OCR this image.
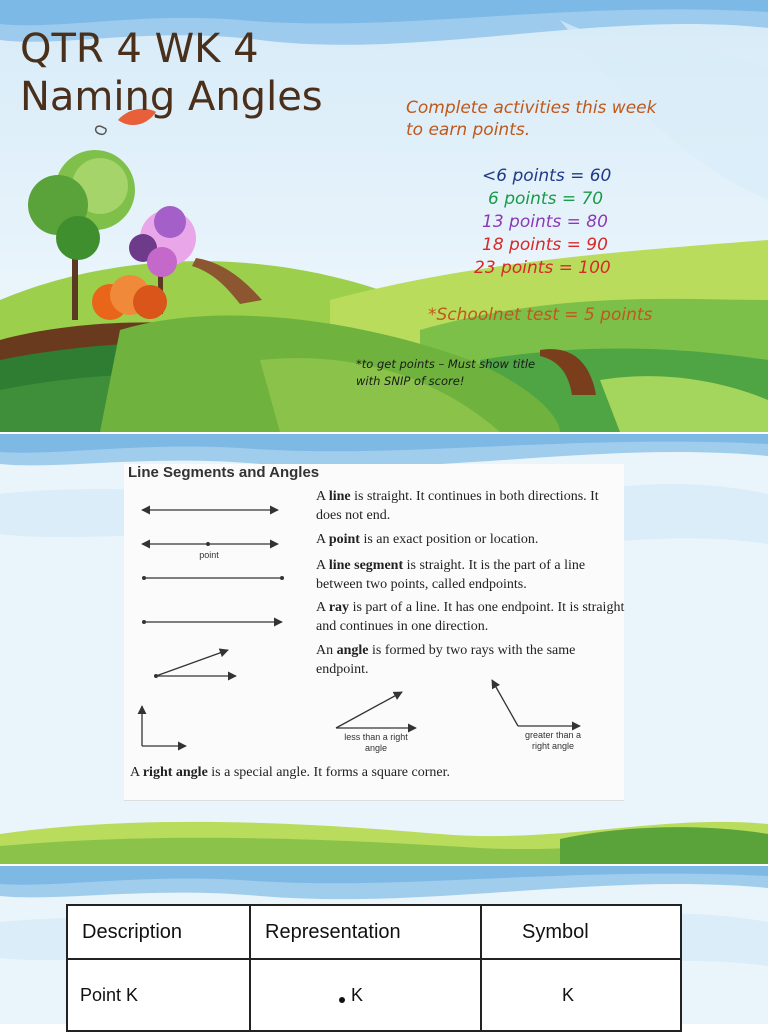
QTR 4 WK 4
Naming Angles	Complete activities this week
to earn points.
<6 points = 60
6 points = 70
13 points = 80
18 points = 90
23 points = 100
*Schoolnet test = 5 points
*to get points – Must show title with SNIP of score!
Line Segments and Angles
point
less than a right angle
greater than a right angle
A line is straight. It continues in both directions. It does not end.
A point is an exact position or location.
A line segment is straight. It is the part of a line between two points, called endpoints.
A ray is part of a line. It has one endpoint. It is straight and continues in one direction.
An angle is formed by two rays with the same endpoint.
A right angle is a special angle. It forms a square corner.
Description	Representation	Symbol
Point K	K	K
